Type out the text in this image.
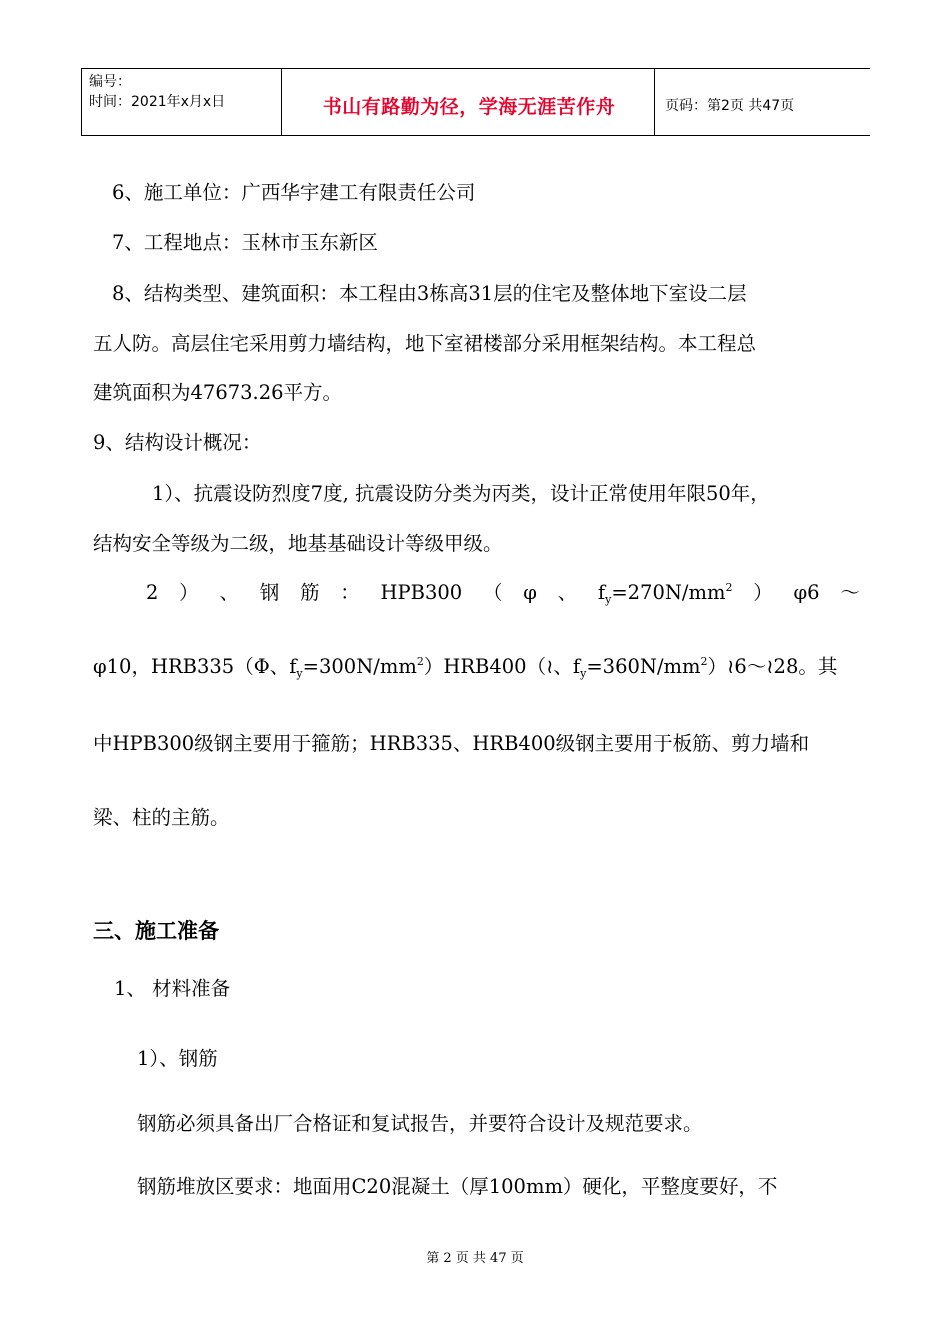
编号：
时间：2021年x月x日	书山有路勤为径，学海无涯苦作舟	页码：第2页 共47页
6、施工单位：广西华宇建工有限责任公司
7、工程地点：玉林市玉东新区
8、结构类型、建筑面积：本工程由3栋高31层的住宅及整体地下室设二层
五人防。高层住宅采用剪力墙结构，地下室裙楼部分采用框架结构。本工程总
建筑面积为47673.26平方。
9、结构设计概况：
1）、抗震设防烈度7度, 抗震设防分类为丙类，设计正常使用年限50年，
结构安全等级为二级，地基基础设计等级甲级。
2 ） 、 钢 筋 ： HPB300 （ φ 、 $f_y=270N/mm^2$ ） φ6 ～
φ10，HRB335（Φ、$f_y=300N/mm^2)HRB400(≀$、$f_y=360N/mm^2)≀6\sim≀28$。其
中HPB300级钢主要用于箍筋；HRB335、HRB400级钢主要用于板筋、剪力墙和
梁、柱的主筋。
三、施工准备
1、 材料准备
1）、钢筋
钢筋必须具备出厂合格证和复试报告，并要符合设计及规范要求。
钢筋堆放区要求：地面用C20混凝土（厚100mm）硬化，平整度要好，不
第 2 页 共 47 页
